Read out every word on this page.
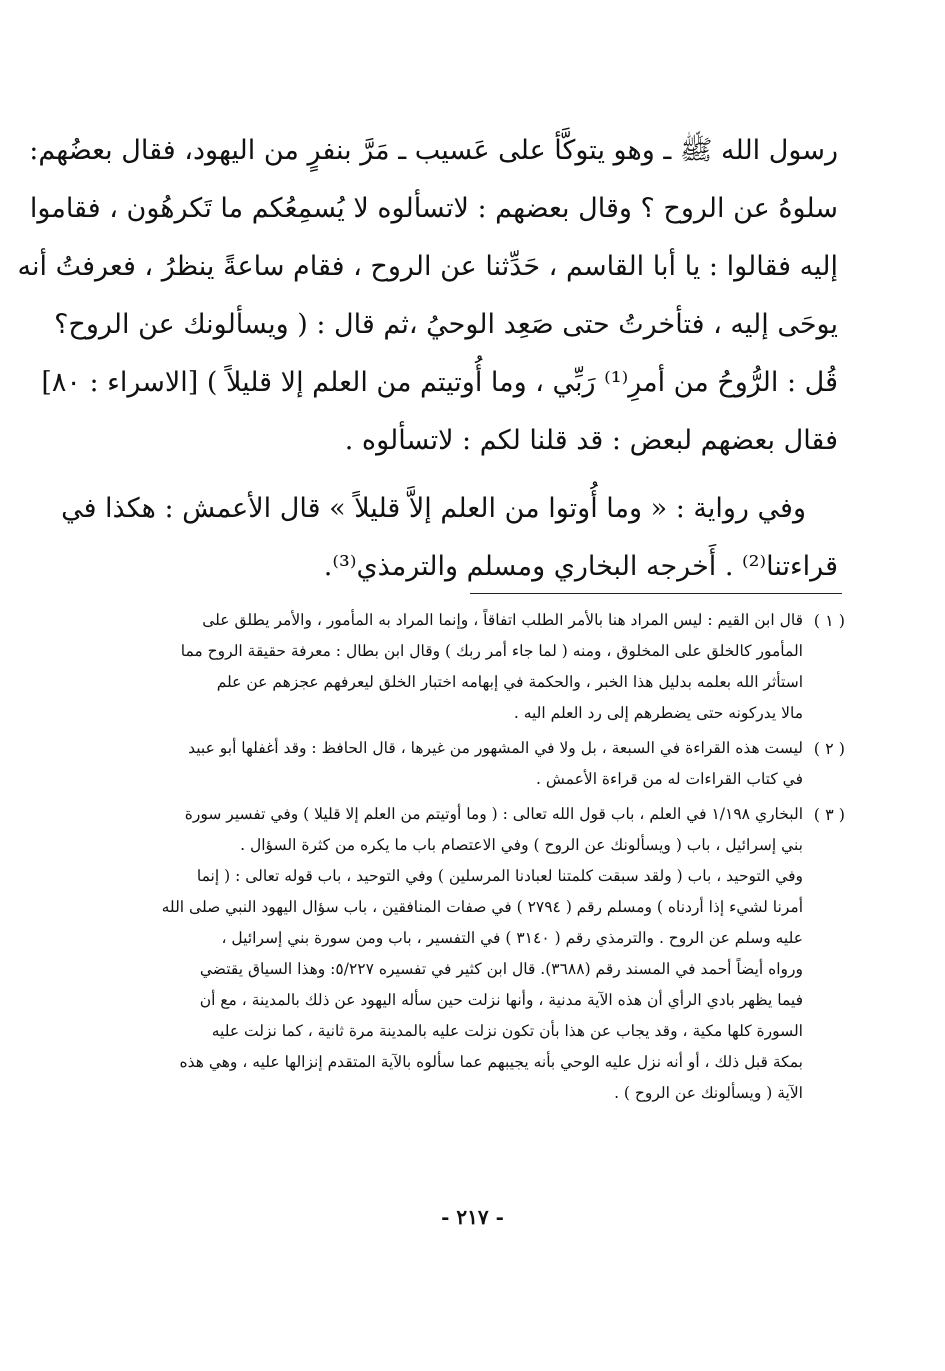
رسول الله ﷺ ـ وهو يتوكَّأ على عَسيب ـ مَرَّ بنفرٍ من اليهود، فقال بعضُهم:
سلوهُ عن الروح ؟ وقال بعضهم : لاتسألوه لا يُسمِعُكم ما تَكرهُون ، فقاموا
إليه فقالوا : يا أبا القاسم ، حَدِّثنا عن الروح ، فقام ساعةً ينظرُ ، فعرفتُ أنه
يوحَى إليه ، فتأخرتُ حتى صَعِد الوحيُ ،ثم قال : ( ويسألونك عن الروح؟
قُل : الرُّوحُ من أمرِ⁽¹⁾ رَبِّي ، وما أُوتيتم من العلم إلا قليلاً ) [الاسراء : ٨٠]
فقال بعضهم لبعض : قد قلنا لكم : لاتسألوه .
وفي رواية : « وما أُوتوا من العلم إلاَّ قليلاً » قال الأعمش : هكذا في
قراءتنا⁽²⁾ . أَخرجه البخاري ومسلم والترمذي⁽³⁾.
( ١ )
قال ابن القيم : ليس المراد هنا بالأمر الطلب اتفاقاً ، وإنما المراد به المأمور ، والأمر يطلق على
المأمور كالخلق على المخلوق ، ومنه ( لما جاء أمر ربك ) وقال ابن بطال : معرفة حقيقة الروح مما
استأثر الله بعلمه بدليل هذا الخبر ، والحكمة في إبهامه اختبار الخلق ليعرفهم عجزهم عن علم
مالا يدركونه حتى يضطرهم إلى رد العلم اليه .
( ٢ )
ليست هذه القراءة في السبعة ، بل ولا في المشهور من غيرها ، قال الحافظ : وقد أغفلها أبو عبيد
في كتاب القراءات له من قراءة الأعمش .
( ٣ )
البخاري ١/١٩٨ في العلم ، باب قول الله تعالى : ( وما أوتيتم من العلم إلا قليلا ) وفي تفسير سورة
بني إسرائيل ، باب ( ويسألونك عن الروح ) وفي الاعتصام باب ما يكره من كثرة السؤال .
وفي التوحيد ، باب ( ولقد سبقت كلمتنا لعبادنا المرسلين ) وفي التوحيد ، باب قوله تعالى : ( إنما
أمرنا لشيء إذا أردناه ) ومسلم رقم ( ٢٧٩٤ ) في صفات المنافقين ، باب سؤال اليهود النبي صلى الله
عليه وسلم عن الروح . والترمذي رقم ( ٣١٤٠ ) في التفسير ، باب ومن سورة بني إسرائيل ،
ورواه أيضاً أحمد في المسند رقم (٣٦٨٨). قال ابن كثير في تفسيره ٥/٢٢٧: وهذا السياق يقتضي
فيما يظهر بادي الرأي أن هذه الآية مدنية ، وأنها نزلت حين سأله اليهود عن ذلك بالمدينة ، مع أن
السورة كلها مكية ، وقد يجاب عن هذا بأن تكون نزلت عليه بالمدينة مرة ثانية ، كما نزلت عليه
بمكة قبل ذلك ، أو أنه نزل عليه الوحي بأنه يجيبهم عما سألوه بالآية المتقدم إنزالها عليه ، وهي هذه
الآية ( ويسألونك عن الروح ) .
- ٢١٧ -
